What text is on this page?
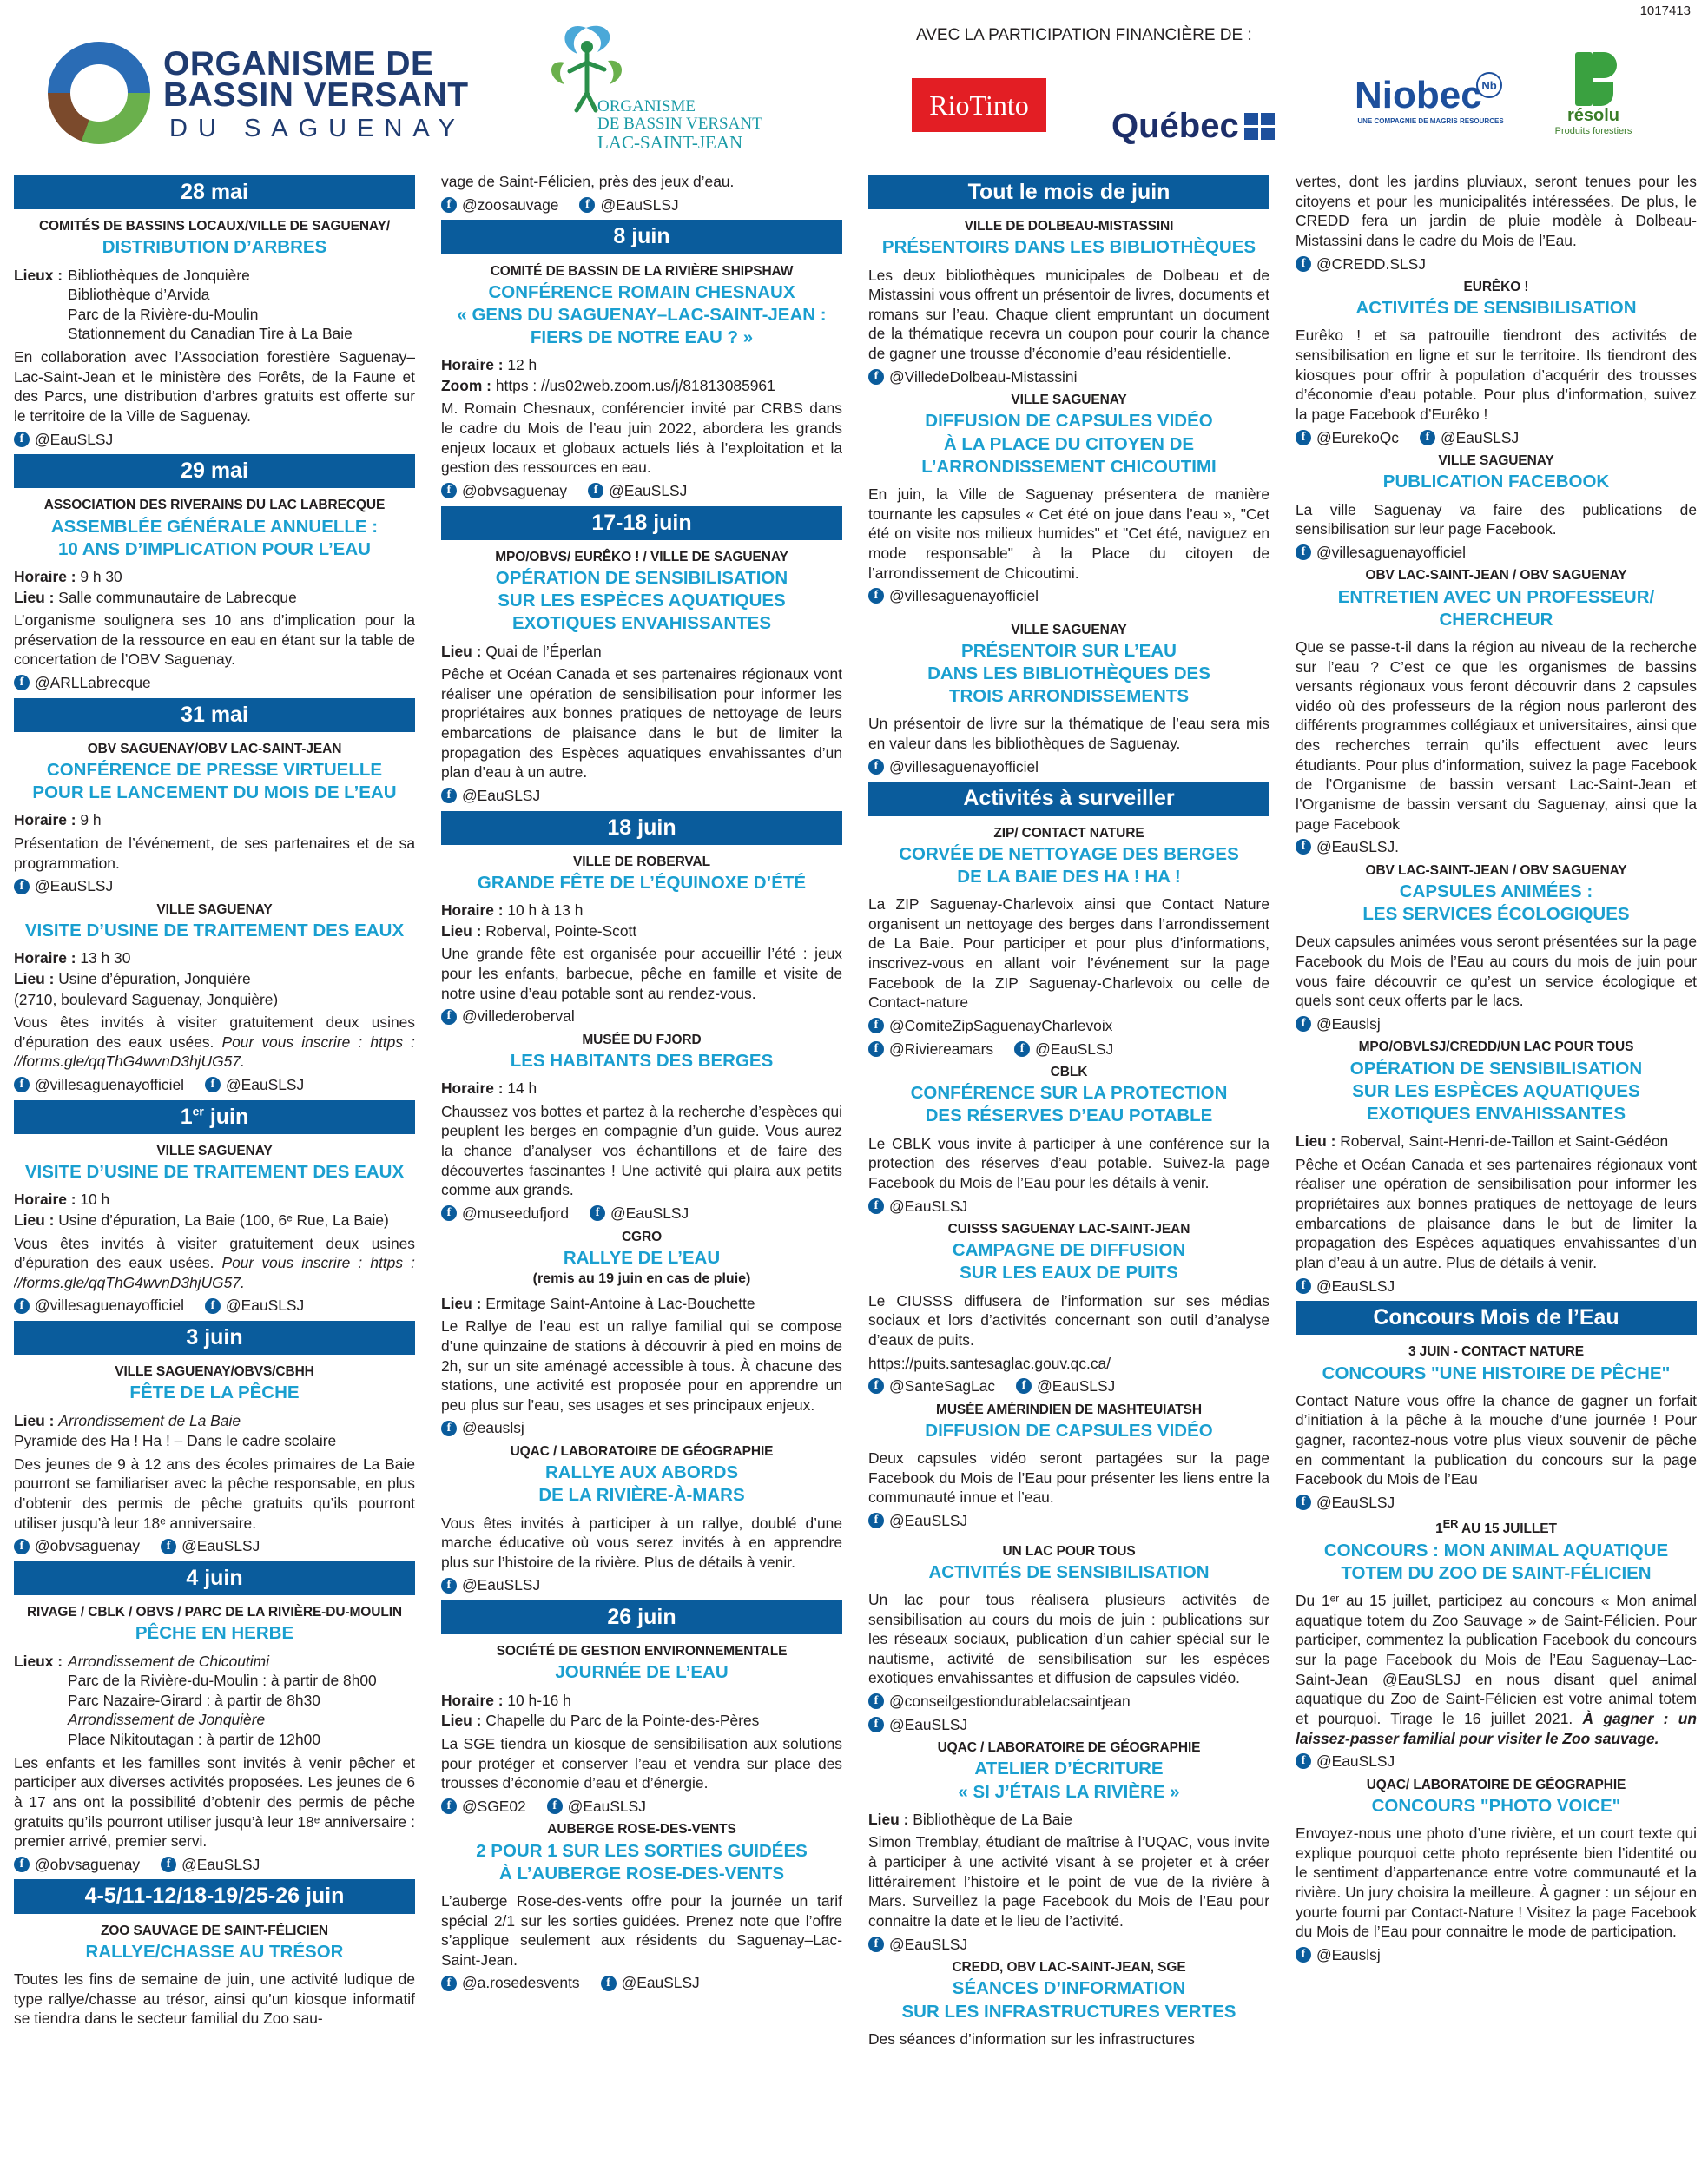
1017413
ORGANISME DE
BASSIN VERSANT
DU SAGUENAY
ORGANISME
DE BASSIN VERSANT
LAC-SAINT-JEAN
AVEC LA PARTICIPATION FINANCIÈRE DE :
RioTinto
Québec
Niobec Nb
UNE COMPAGNIE DE MAGRIS RESOURCES	résolu
Produits forestiers
28 mai
COMITÉS DE BASSINS LOCAUX/VILLE DE SAGUENAY/
DISTRIBUTION D’ARBRES
Lieux : Bibliothèques de Jonquière
Bibliothèque d’Arvida
Parc de la Rivière-du-Moulin
Stationnement du Canadian Tire à La Baie
En collaboration avec l’Association forestière Saguenay–Lac-Saint-Jean et le ministère des Forêts, de la Faune et des Parcs, une distribution d’arbres gratuits est offerte sur le territoire de la Ville de Saguenay.
f @EauSLSJ
29 mai
ASSOCIATION DES RIVERAINS DU LAC LABRECQUE
ASSEMBLÉE GÉNÉRALE ANNUELLE :
10 ANS D’IMPLICATION POUR L’EAU
Horaire : 9 h 30
Lieu : Salle communautaire de Labrecque
L’organisme soulignera ses 10 ans d’implication pour la préservation de la ressource en eau en étant sur la table de concertation de l’OBV Saguenay.
f @ARLLabrecque
31 mai
OBV SAGUENAY/OBV LAC-SAINT-JEAN
CONFÉRENCE DE PRESSE VIRTUELLE
POUR LE LANCEMENT DU MOIS DE L’EAU
Horaire : 9 h
Présentation de l’événement, de ses partenaires et de sa programmation.
f @EauSLSJ
VILLE SAGUENAY
VISITE D’USINE DE TRAITEMENT DES EAUX
Horaire : 13 h 30
Lieu : Usine d’épuration, Jonquière
(2710, boulevard Saguenay, Jonquière)
Vous êtes invités à visiter gratuitement deux usines d’épuration des eaux usées. Pour vous inscrire : https : //forms.gle/qqThG4wvnD3hjUG57.
f @villesaguenayofficiel	f @EauSLSJ
1er juin
VILLE SAGUENAY
VISITE D’USINE DE TRAITEMENT DES EAUX
Horaire : 10 h
Lieu : Usine d’épuration, La Baie (100, 6ᵉ Rue, La Baie)
Vous êtes invités à visiter gratuitement deux usines d’épuration des eaux usées. Pour vous inscrire : https : //forms.gle/qqThG4wvnD3hjUG57.
f @villesaguenayofficiel	f @EauSLSJ
3 juin
VILLE SAGUENAY/OBVS/CBHH
FÊTE DE LA PÊCHE
Lieu : Arrondissement de La Baie
Pyramide des Ha ! Ha ! – Dans le cadre scolaire
Des jeunes de 9 à 12 ans des écoles primaires de La Baie pourront se familiariser avec la pêche responsable, en plus d’obtenir des permis de pêche gratuits qu’ils pourront utiliser jusqu’à leur 18ᵉ anniversaire.
f @obvsaguenay	f @EauSLSJ
4 juin
RIVAGE / CBLK / OBVS / PARC DE LA RIVIÈRE-DU-MOULIN
PÊCHE EN HERBE
Lieux : Arrondissement de Chicoutimi
Parc de la Rivière-du-Moulin : à partir de 8h00
Parc Nazaire-Girard : à partir de 8h30
Arrondissement de Jonquière
Place Nikitoutagan : à partir de 12h00
Les enfants et les familles sont invités à venir pêcher et participer aux diverses activités proposées. Les jeunes de 6 à 17 ans ont la possibilité d’obtenir des permis de pêche gratuits qu’ils pourront utiliser jusqu’à leur 18ᵉ anniversaire : premier arrivé, premier servi.
f @obvsaguenay	f @EauSLSJ
4-5/11-12/18-19/25-26 juin
ZOO SAUVAGE DE SAINT-FÉLICIEN
RALLYE/CHASSE AU TRÉSOR
Toutes les fins de semaine de juin, une activité ludique de type rallye/chasse au trésor, ainsi qu’un kiosque informatif se tiendra dans le secteur familial du Zoo sau-
vage de Saint-Félicien, près des jeux d’eau.
f @zoosauvage	f @EauSLSJ
8 juin
COMITÉ DE BASSIN DE LA RIVIÈRE SHIPSHAW
CONFÉRENCE ROMAIN CHESNAUX
« GENS DU SAGUENAY–LAC-SAINT-JEAN :
FIERS DE NOTRE EAU ? »
Horaire : 12 h
Zoom : https : //us02web.zoom.us/j/81813085961
M. Romain Chesnaux, conférencier invité par CRBS dans le cadre du Mois de l’eau juin 2022, abordera les grands enjeux locaux et globaux actuels liés à l’exploitation et la gestion des ressources en eau.
f @obvsaguenay	f @EauSLSJ
17-18 juin
MPO/OBVS/ EURÊKO ! / VILLE DE SAGUENAY
OPÉRATION DE SENSIBILISATION
SUR LES ESPÈCES AQUATIQUES
EXOTIQUES ENVAHISSANTES
Lieu : Quai de l’Éperlan
Pêche et Océan Canada et ses partenaires régionaux vont réaliser une opération de sensibilisation pour informer les propriétaires aux bonnes pratiques de nettoyage de leurs embarcations de plaisance dans le but de limiter la propagation des Espèces aquatiques envahissantes d’un plan d’eau à un autre.
f @EauSLSJ
18 juin
VILLE DE ROBERVAL
GRANDE FÊTE DE L’ÉQUINOXE D’ÉTÉ
Horaire : 10 h à 13 h
Lieu : Roberval, Pointe-Scott
Une grande fête est organisée pour accueillir l’été : jeux pour les enfants, barbecue, pêche en famille et visite de notre usine d’eau potable sont au rendez-vous.
f @villederoberval
MUSÉE DU FJORD
LES HABITANTS DES BERGES
Horaire : 14 h
Chaussez vos bottes et partez à la recherche d’espèces qui peuplent les berges en compagnie d’un guide. Vous aurez la chance d’analyser vos échantillons et de faire des découvertes fascinantes ! Une activité qui plaira aux petits comme aux grands.
f @museedufjord	f @EauSLSJ
CGRO
RALLYE DE L’EAU
(remis au 19 juin en cas de pluie)
Lieu : Ermitage Saint-Antoine à Lac-Bouchette
Le Rallye de l’eau est un rallye familial qui se compose d’une quinzaine de stations à découvrir à pied en moins de 2h, sur un site aménagé accessible à tous. À chacune des stations, une activité est proposée pour en apprendre un peu plus sur l’eau, ses usages et ses principaux enjeux.
f @eauslsj
UQAC / LABORATOIRE DE GÉOGRAPHIE
RALLYE AUX ABORDS
DE LA RIVIÈRE-À-MARS
Vous êtes invités à participer à un rallye, doublé d’une marche éducative où vous serez invités à en apprendre plus sur l’histoire de la rivière. Plus de détails à venir.
f @EauSLSJ
26 juin
SOCIÉTÉ DE GESTION ENVIRONNEMENTALE
JOURNÉE DE L’EAU
Horaire : 10 h-16 h
Lieu : Chapelle du Parc de la Pointe-des-Pères
La SGE tiendra un kiosque de sensibilisation aux solutions pour protéger et conserver l’eau et vendra sur place des trousses d’économie d’eau et d’énergie.
f @SGE02	f @EauSLSJ
AUBERGE ROSE-DES-VENTS
2 POUR 1 SUR LES SORTIES GUIDÉES
À L’AUBERGE ROSE-DES-VENTS
L’auberge Rose-des-vents offre pour la journée un tarif spécial 2/1 sur les sorties guidées. Prenez note que l’offre s’applique seulement aux résidents du Saguenay–Lac-Saint-Jean.
f @a.rosedesvents	f @EauSLSJ
Tout le mois de juin
VILLE DE DOLBEAU-MISTASSINI
PRÉSENTOIRS DANS LES BIBLIOTHÈQUES
Les deux bibliothèques municipales de Dolbeau et de Mistassini vous offrent un présentoir de livres, documents et romans sur l’eau. Chaque client empruntant un document de la thématique recevra un coupon pour courir la chance de gagner une trousse d’économie d’eau résidentielle.
f @VilledeDolbeau-Mistassini
VILLE SAGUENAY
DIFFUSION DE CAPSULES VIDÉO
À LA PLACE DU CITOYEN DE
L’ARRONDISSEMENT CHICOUTIMI
En juin, la Ville de Saguenay présentera de manière tournante les capsules « Cet été on joue dans l’eau », "Cet été on visite nos milieux humides" et "Cet été, naviguez en mode responsable" à la Place du citoyen de l’arrondissement de Chicoutimi.
f @villesaguenayofficiel
VILLE SAGUENAY
PRÉSENTOIR SUR L’EAU
DANS LES BIBLIOTHÈQUES DES
TROIS ARRONDISSEMENTS
Un présentoir de livre sur la thématique de l’eau sera mis en valeur dans les bibliothèques de Saguenay.
f @villesaguenayofficiel
Activités à surveiller
ZIP/ CONTACT NATURE
CORVÉE DE NETTOYAGE DES BERGES
DE LA BAIE DES HA ! HA !
La ZIP Saguenay-Charlevoix ainsi que Contact Nature organisent un nettoyage des berges dans l’arrondissement de La Baie. Pour participer et pour plus d’informations, inscrivez-vous en allant voir l’événement sur la page Facebook de la ZIP Saguenay-Charlevoix ou celle de Contact-nature
f @ComiteZipSaguenayCharlevoix
f @Riviereamars	f @EauSLSJ
CBLK
CONFÉRENCE SUR LA PROTECTION
DES RÉSERVES D’EAU POTABLE
Le CBLK vous invite à participer à une conférence sur la protection des réserves d’eau potable. Suivez-la page Facebook du Mois de l’Eau pour les détails à venir.
f @EauSLSJ
CUISSS SAGUENAY LAC-SAINT-JEAN
CAMPAGNE DE DIFFUSION
SUR LES EAUX DE PUITS
Le CIUSSS diffusera de l’information sur ses médias sociaux et lors d’activités concernant son outil d’analyse d’eaux de puits.
https://puits.santesaglac.gouv.qc.ca/
f @SanteSagLac	f @EauSLSJ
MUSÉE AMÉRINDIEN DE MASHTEUIATSH
DIFFUSION DE CAPSULES VIDÉO
Deux capsules vidéo seront partagées sur la page Facebook du Mois de l’Eau pour présenter les liens entre la communauté innue et l’eau.
f @EauSLSJ
UN LAC POUR TOUS
ACTIVITÉS DE SENSIBILISATION
Un lac pour tous réalisera plusieurs activités de sensibilisation au cours du mois de juin : publications sur les réseaux sociaux, publication d’un cahier spécial sur le nautisme, activité de sensibilisation sur les espèces exotiques envahissantes et diffusion de capsules vidéo.
f @conseilgestiondurablelacsaintjean
f @EauSLSJ
UQAC / LABORATOIRE DE GÉOGRAPHIE
ATELIER D’ÉCRITURE
« SI J’ÉTAIS LA RIVIÈRE »
Lieu : Bibliothèque de La Baie
Simon Tremblay, étudiant de maîtrise à l’UQAC, vous invite à participer à une activité visant à se projeter et à créer littérairement l’histoire et le point de vue de la rivière à Mars. Surveillez la page Facebook du Mois de l’Eau pour connaitre la date et le lieu de l’activité.
f @EauSLSJ
CREDD, OBV LAC-SAINT-JEAN, SGE
SÉANCES D’INFORMATION
SUR LES INFRASTRUCTURES VERTES
Des séances d’information sur les infrastructures
vertes, dont les jardins pluviaux, seront tenues pour les citoyens et pour les municipalités intéressées. De plus, le CREDD fera un jardin de pluie modèle à Dolbeau-Mistassini dans le cadre du Mois de l’Eau.
f @CREDD.SLSJ
EURÊKO !
ACTIVITÉS DE SENSIBILISATION
Eurêko ! et sa patrouille tiendront des activités de sensibilisation en ligne et sur le territoire. Ils tiendront des kiosques pour offrir à population d’acquérir des trousses d’économie d’eau potable. Pour plus d’information, suivez la page Facebook d’Eurêko !
f @EurekoQc	f @EauSLSJ
VILLE SAGUENAY
PUBLICATION FACEBOOK
La ville Saguenay va faire des publications de sensibilisation sur leur page Facebook.
f @villesaguenayofficiel
OBV LAC-SAINT-JEAN / OBV SAGUENAY
ENTRETIEN AVEC UN PROFESSEUR/
CHERCHEUR
Que se passe-t-il dans la région au niveau de la recherche sur l’eau ? C’est ce que les organismes de bassins versants régionaux vous feront découvrir dans 2 capsules vidéo où des professeurs de la région nous parleront des différents programmes collégiaux et universitaires, ainsi que des recherches terrain qu’ils effectuent avec leurs étudiants. Pour plus d’information, suivez la page Facebook de l’Organisme de bassin versant Lac-Saint-Jean et l’Organisme de bassin versant du Saguenay, ainsi que la page Facebook
f @EauSLSJ.
OBV LAC-SAINT-JEAN / OBV SAGUENAY
CAPSULES ANIMÉES :
LES SERVICES ÉCOLOGIQUES
Deux capsules animées vous seront présentées sur la page Facebook du Mois de l’Eau au cours du mois de juin pour vous faire découvrir ce qu’est un service écologique et quels sont ceux offerts par le lacs.
f @Eauslsj
MPO/OBVLSJ/CREDD/UN LAC POUR TOUS
OPÉRATION DE SENSIBILISATION
SUR LES ESPÈCES AQUATIQUES
EXOTIQUES ENVAHISSANTES
Lieu : Roberval, Saint-Henri-de-Taillon et Saint-Gédéon
Pêche et Océan Canada et ses partenaires régionaux vont réaliser une opération de sensibilisation pour informer les propriétaires aux bonnes pratiques de nettoyage de leurs embarcations de plaisance dans le but de limiter la propagation des Espèces aquatiques envahissantes d’un plan d’eau à un autre. Plus de détails à venir.
f @EauSLSJ
Concours Mois de l’Eau
3 JUIN - CONTACT NATURE
CONCOURS "UNE HISTOIRE DE PÊCHE"
Contact Nature vous offre la chance de gagner un forfait d’initiation à la pêche à la mouche d’une journée ! Pour gagner, racontez-nous votre plus vieux souvenir de pêche en commentant la publication du concours sur la page Facebook du Mois de l’Eau
f @EauSLSJ
1ER AU 15 JUILLET
CONCOURS : MON ANIMAL AQUATIQUE
TOTEM DU ZOO DE SAINT-FÉLICIEN
Du 1ᵉʳ au 15 juillet, participez au concours « Mon animal aquatique totem du Zoo Sauvage » de Saint-Félicien. Pour participer, commentez la publication Facebook du concours sur la page Facebook du Mois de l’Eau Saguenay–Lac-Saint-Jean @EauSLSJ en nous disant quel animal aquatique du Zoo de Saint-Félicien est votre animal totem et pourquoi. Tirage le 16 juillet 2021. À gagner : un laissez-passer familial pour visiter le Zoo sauvage.
f @EauSLSJ
UQAC/ LABORATOIRE DE GÉOGRAPHIE
CONCOURS "PHOTO VOICE"
Envoyez-nous une photo d’une rivière, et un court texte qui explique pourquoi cette photo représente bien l’identité ou le sentiment d’appartenance entre votre communauté et la rivière. Un jury choisira la meilleure. À gagner : un séjour en yourte fourni par Contact-Nature ! Visitez la page Facebook du Mois de l’Eau pour connaitre le mode de participation.
f @Eauslsj
